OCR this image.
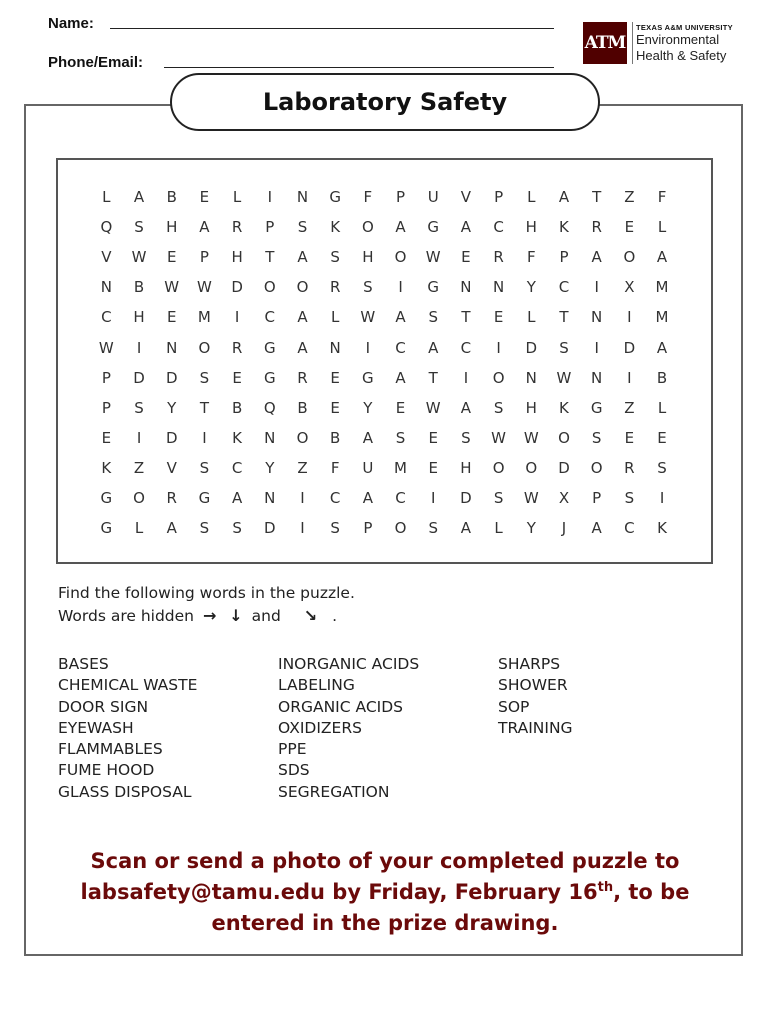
Name:
Phone/Email:
ATM
TEXAS A&M UNIVERSITY
Environmental
Health & Safety
Laboratory Safety
L	A	B	E	L	I	N	G	F	P	U	V	P	L	A	T	Z	F
Q	S	H	A	R	P	S	K	O	A	G	A	C	H	K	R	E	L
V	W	E	P	H	T	A	S	H	O	W	E	R	F	P	A	O	A
N	B	W	W	D	O	O	R	S	I	G	N	N	Y	C	I	X	M
C	H	E	M	I	C	A	L	W	A	S	T	E	L	T	N	I	M
W	I	N	O	R	G	A	N	I	C	A	C	I	D	S	I	D	A
P	D	D	S	E	G	R	E	G	A	T	I	O	N	W	N	I	B
P	S	Y	T	B	Q	B	E	Y	E	W	A	S	H	K	G	Z	L
E	I	D	I	K	N	O	B	A	S	E	S	W	W	O	S	E	E
K	Z	V	S	C	Y	Z	F	U	M	E	H	O	O	D	O	R	S
G	O	R	G	A	N	I	C	A	C	I	D	S	W	X	P	S	I
G	L	A	S	S	D	I	S	P	O	S	A	L	Y	J	A	C	K
Find the following words in the puzzle.
Words are hidden → ↓ and ↘ .
BASES
CHEMICAL WASTE
DOOR SIGN
EYEWASH
FLAMMABLES
FUME HOOD
GLASS DISPOSAL
INORGANIC ACIDS
LABELING
ORGANIC ACIDS
OXIDIZERS
PPE
SDS
SEGREGATION
SHARPS
SHOWER
SOP
TRAINING
Scan or send a photo of your completed puzzle to
labsafety@tamu.edu by Friday, February 16th, to be
entered in the prize drawing.
